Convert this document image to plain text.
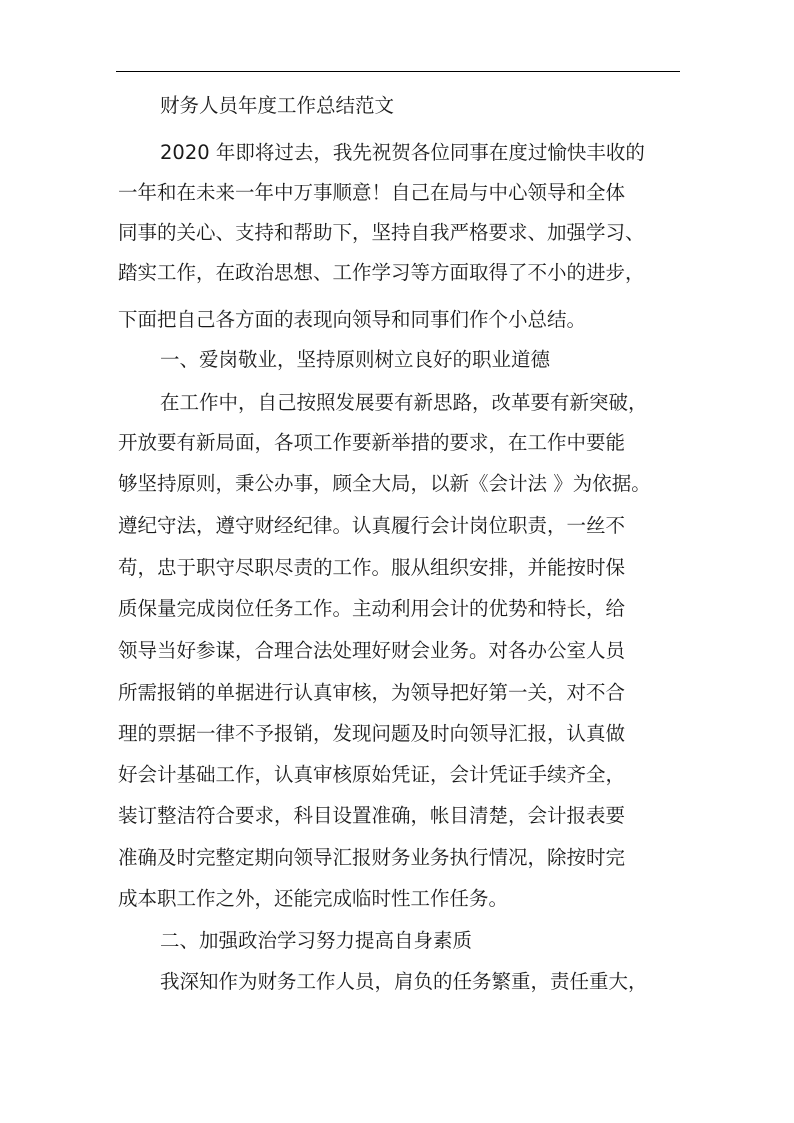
财务人员年度工作总结范文
2020 年即将过去，我先祝贺各位同事在度过愉快丰收的
一年和在未来一年中万事顺意！自己在局与中心领导和全体
同事的关心、支持和帮助下，坚持自我严格要求、加强学习、
踏实工作，在政治思想、工作学习等方面取得了不小的进步，
下面把自己各方面的表现向领导和同事们作个小总结。
一、爱岗敬业，坚持原则树立良好的职业道德
在工作中，自己按照发展要有新思路，改革要有新突破，
开放要有新局面，各项工作要新举措的要求，在工作中要能
够坚持原则，秉公办事，顾全大局，以新《会计法 》为依据。
遵纪守法，遵守财经纪律。认真履行会计岗位职责，一丝不
苟，忠于职守尽职尽责的工作。服从组织安排，并能按时保
质保量完成岗位任务工作。主动利用会计的优势和特长，给
领导当好参谋，合理合法处理好财会业务。对各办公室人员
所需报销的单据进行认真审核，为领导把好第一关，对不合
理的票据一律不予报销，发现问题及时向领导汇报，认真做
好会计基础工作，认真审核原始凭证，会计凭证手续齐全，
装订整洁符合要求，科目设置准确，帐目清楚，会计报表要
准确及时完整定期向领导汇报财务业务执行情况，除按时完
成本职工作之外，还能完成临时性工作任务。
二、加强政治学习努力提高自身素质
我深知作为财务工作人员，肩负的任务繁重，责任重大，
